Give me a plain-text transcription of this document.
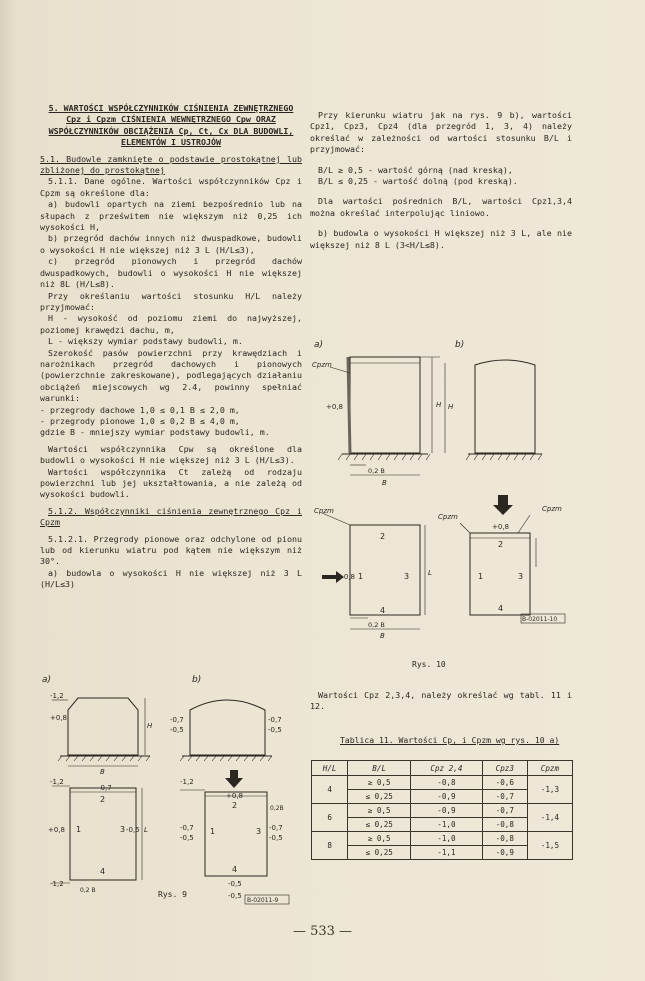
5. WARTOŚCI WSPÓŁCZYNNIKÓW CIŚNIENIA ZEWNĘTRZNEGO Cpz i Cpzm CIŚNIENIA WEWNĘTRZNEGO Cpw ORAZ WSPÓŁCZYNNIKÓW OBCIĄŻENIA Cp, Ct, Cx DLA BUDOWLI, ELEMENTÓW I USTROJÓW

5.1. Budowle zamknięte o podstawie prostokątnej lub zbliżonej do prostokątnej

5.1.1. Dane ogólne. Wartości współczynników Cpz i Cpzm są określone dla:

a) budowli opartych na ziemi bezpośrednio lub na słupach z prześwitem nie większym niż 0,25 ich wysokości H,

b) przegród dachów innych niż dwuspadkowe, budowli o wysokości H nie większej niż 3 L (H/L≤3),

c) przegród pionowych i przegród dachów dwuspadkowych, budowli o wysokości H nie większej niż 8L (H/L≤8).

Przy określaniu wartości stosunku H/L należy przyjmować:

H - wysokość od poziomu ziemi do najwyższej, poziomej krawędzi dachu, m,

L - większy wymiar podstawy budowli, m.

Szerokość pasów powierzchni przy krawędziach i narożnikach przegród dachowych i pionowych (powierzchnie zakreskowane), podlegających działaniu obciążeń miejscowych wg 2.4, powinny spełniać warunki:

- przegrody dachowe 1,0 ≤ 0,1 B ≤ 2,0 m,

- przegrody pionowe 1,0 ≤ 0,2 B ≤ 4,0 m,

gdzie B - mniejszy wymiar podstawy budowli, m.

Wartości współczynnika Cpw są określone dla budowli o wysokości H nie większej niż 3 L (H/L≤3).

Wartości współczynnika Ct zależą od rodzaju powierzchni lub jej ukształtowania, a nie zależą od wysokości budowli.

5.1.2. Współczynniki ciśnienia zewnętrznego Cpz i Cpzm

5.1.2.1. Przegrody pionowe oraz odchylone od pionu lub od kierunku wiatru pod kątem nie większym niż 30°.

a) budowla o wysokości H nie większej niż 3 L (H/L≤3)

Przy kierunku wiatru jak na rys. 9 b), wartości Cpz1, Cpz3, Cpz4 (dla przegród 1, 3, 4) należy określać w zależności od wartości stosunku B/L i przyjmować:

B/L ≥ 0,5 - wartość górną (nad kreską),

B/L ≤ 0,25 - wartość dolną (pod kreską).

Dla wartości pośrednich B/L, wartości Cpz1,3,4 można określać interpolując liniowo.

b) budowla o wysokości H większej niż 3 L, ale nie większej niż 8 L (3<H/L≤8).

a)	b)
Cpzm
+0,8	H H
0,2 B
B
Cpzm
2
+0,8 1	3	L
4
0,2 B
B
Cpzm
Cpzm
+0,8
2
1	3
4
B-02011-10
Rys. 10

Wartości Cpz 2,3,4, należy określać wg tabl. 11 i 12.

Tablica 11. Wartości Cp, i Cpzm wg rys. 10 a)
H/L	B/L	Cpz 2,4	Cpz3	Cpzm
4	≥ 0,5	-0,8	-0,6	-1,3
	≤ 0,25	-0,9	-0,7	
6	≥ 0,5	-0,9	-0,7	-1,4
	≤ 0,25	-1,0	-0,8	
8	≥ 0,5	-1,0	-0,8	-1,5
	≤ 0,25	-1,1	-0,9	
a)	b)
-1,2
+0,8
H
B
-0,7
-0,5
-0,7
-0,5
-1,2
-0,7
2
+0,8 1	3 -0,5 L
4
-1,2
0,2 B
-1,2
+0,8
2
-0,7
-0,5
1	3 -0,7
-0,5
0,2B
4
-0,5
-0,5
B-02011-9
Rys. 9
— 533 —
